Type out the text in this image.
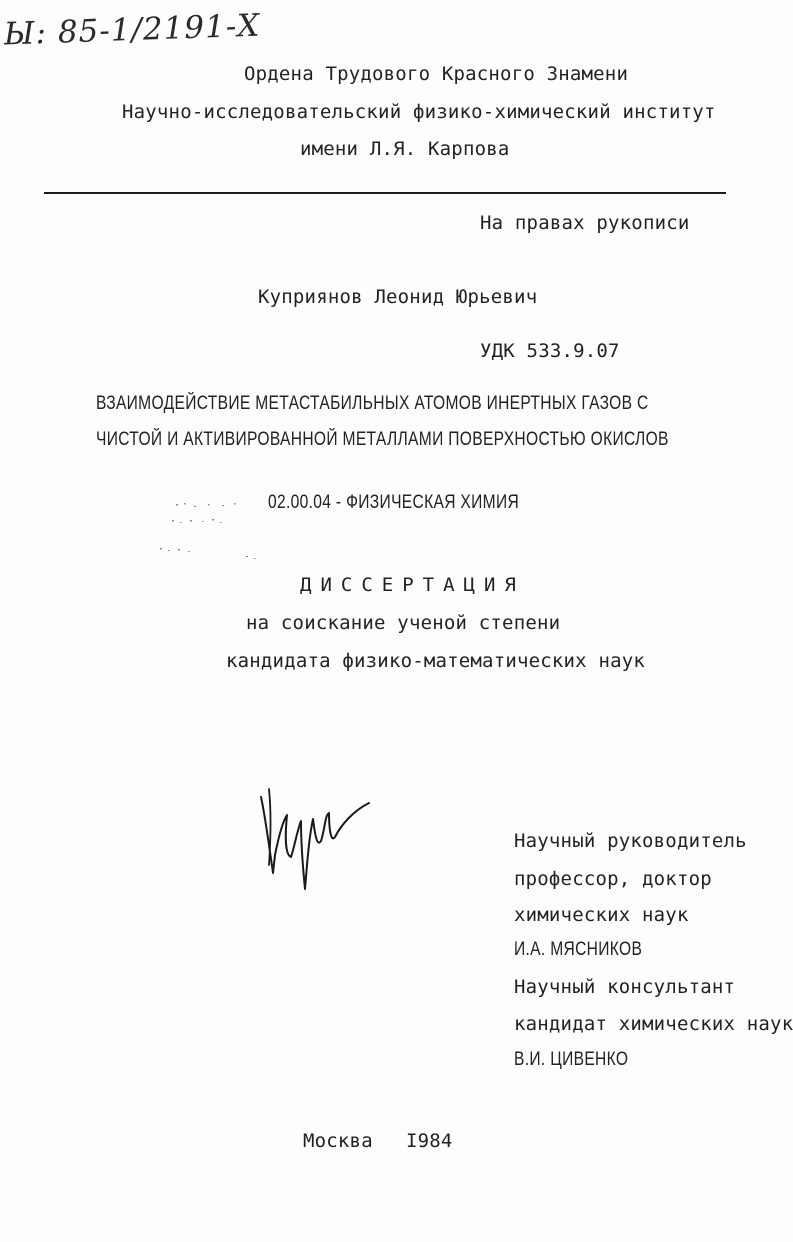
Ы: 85-1/2191-Х
Ордена Трудового Красного Знамени
Научно-исследовательский физико-химический институт
имени Л.Я. Карпова
На правах рукописи
Куприянов Леонид Юрьевич
УДК 533.9.07
ВЗАИМОДЕЙСТВИЕ МЕТАСТАБИЛЬНЫХ АТОМОВ ИНЕРТНЫХ ГАЗОВ С
ЧИСТОЙ И АКТИВИРОВАННОЙ МЕТАЛЛАМИ ПОВЕРХНОСТЬЮ ОКИСЛОВ
02.00.04 - ФИЗИЧЕСКАЯ ХИМИЯ
ДИССЕРТАЦИЯ
на соискание ученой степени
кандидата физико-математических наук
Научный руководитель
профессор, доктор
химических наук
И.А. МЯСНИКОВ
Научный консультант
кандидат химических наук
В.И. ЦИВЕНКО
Москва I984
